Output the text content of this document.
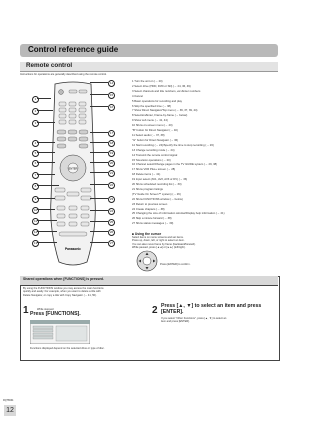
Control reference guide
Remote control
Instructions for operations are generally described using the remote control.
ENTER
Panasonic
1
2
3
4
5
6
7
8
9
10
11
12
13
14
15
16
17
18
19
20
21
22
23
24
25
26
27
1 Turn the unit on (→ 20)
2 Select drive (HDD, DVD or SD) (→ 24, 36, 49)
3 Select channels and title numbers, etc./Enter numbers
4 Cancel
5 Basic operations for recording and play
6 Skip the specified time (→ 38)
7 Show Direct Navigator/Top menu (→ 36, 37, 39, 44)
8 Selection/Enter, Frame-by-frame (→ below)
9 Show sub menu (→ 41, 44)
10 Show on-screen menu (→ 40)
"B" button for Direct Navigator (→ 40)
11 Select audio (→ 37, 38)
"G" button for Direct Navigator (→ 36)
12 Start recording (→ 24)/Specify the time to stop recording (→ 26)
13 Change recording mode (→ 24)
14 Transmit the remote control signal
15 Television operations (→ 20)
16 Channel select/Change pages in the TV GUIDE system (→ 29, 38)
17 Show VCR Plus+ screen (→ 28)
18 Delete items (→ 41)
19 Input select (AV1, AV2, AV3 or DV) (→ 33)
20 Show scheduled recording list (→ 30)
21 Show program listings
(TV Guide On Screen™ system) (→ 26)
22 Show FUNCTIONS window (→ below)
23 Return to previous screen
24 Create chapters (→ 38)
25 Changing the size of information window/Display help information (→ 21)
26 Skip a minute forward (→ 38)
27 Show status messages (→ 39)
■ Using the cursor
Select items on menu screens and set items.
Press up, down, left, or right to select an item.
You can also move frame by frame (backward/forward).
While paused, press [◄◄] or [►►] (left/right).
Press [ENTER] to confirm.
Shared operations when [FUNCTIONS] is pressed.
By using the FUNCTIONS window you may access the main functions
quickly and easily. For example, when you want to delete a title with
Delete Navigator, or copy a title with Copy Navigator (→ 41, 50).
1	While stopped
Press [FUNCTIONS].
Functions displayed depend on the selected drive or type of disc.
2 Press [▲, ▼] to select an item and press [ENTER].
If you select "Other Functions", press [▲, ▼] to select an
item and press [ENTER].
RQT8664
12
